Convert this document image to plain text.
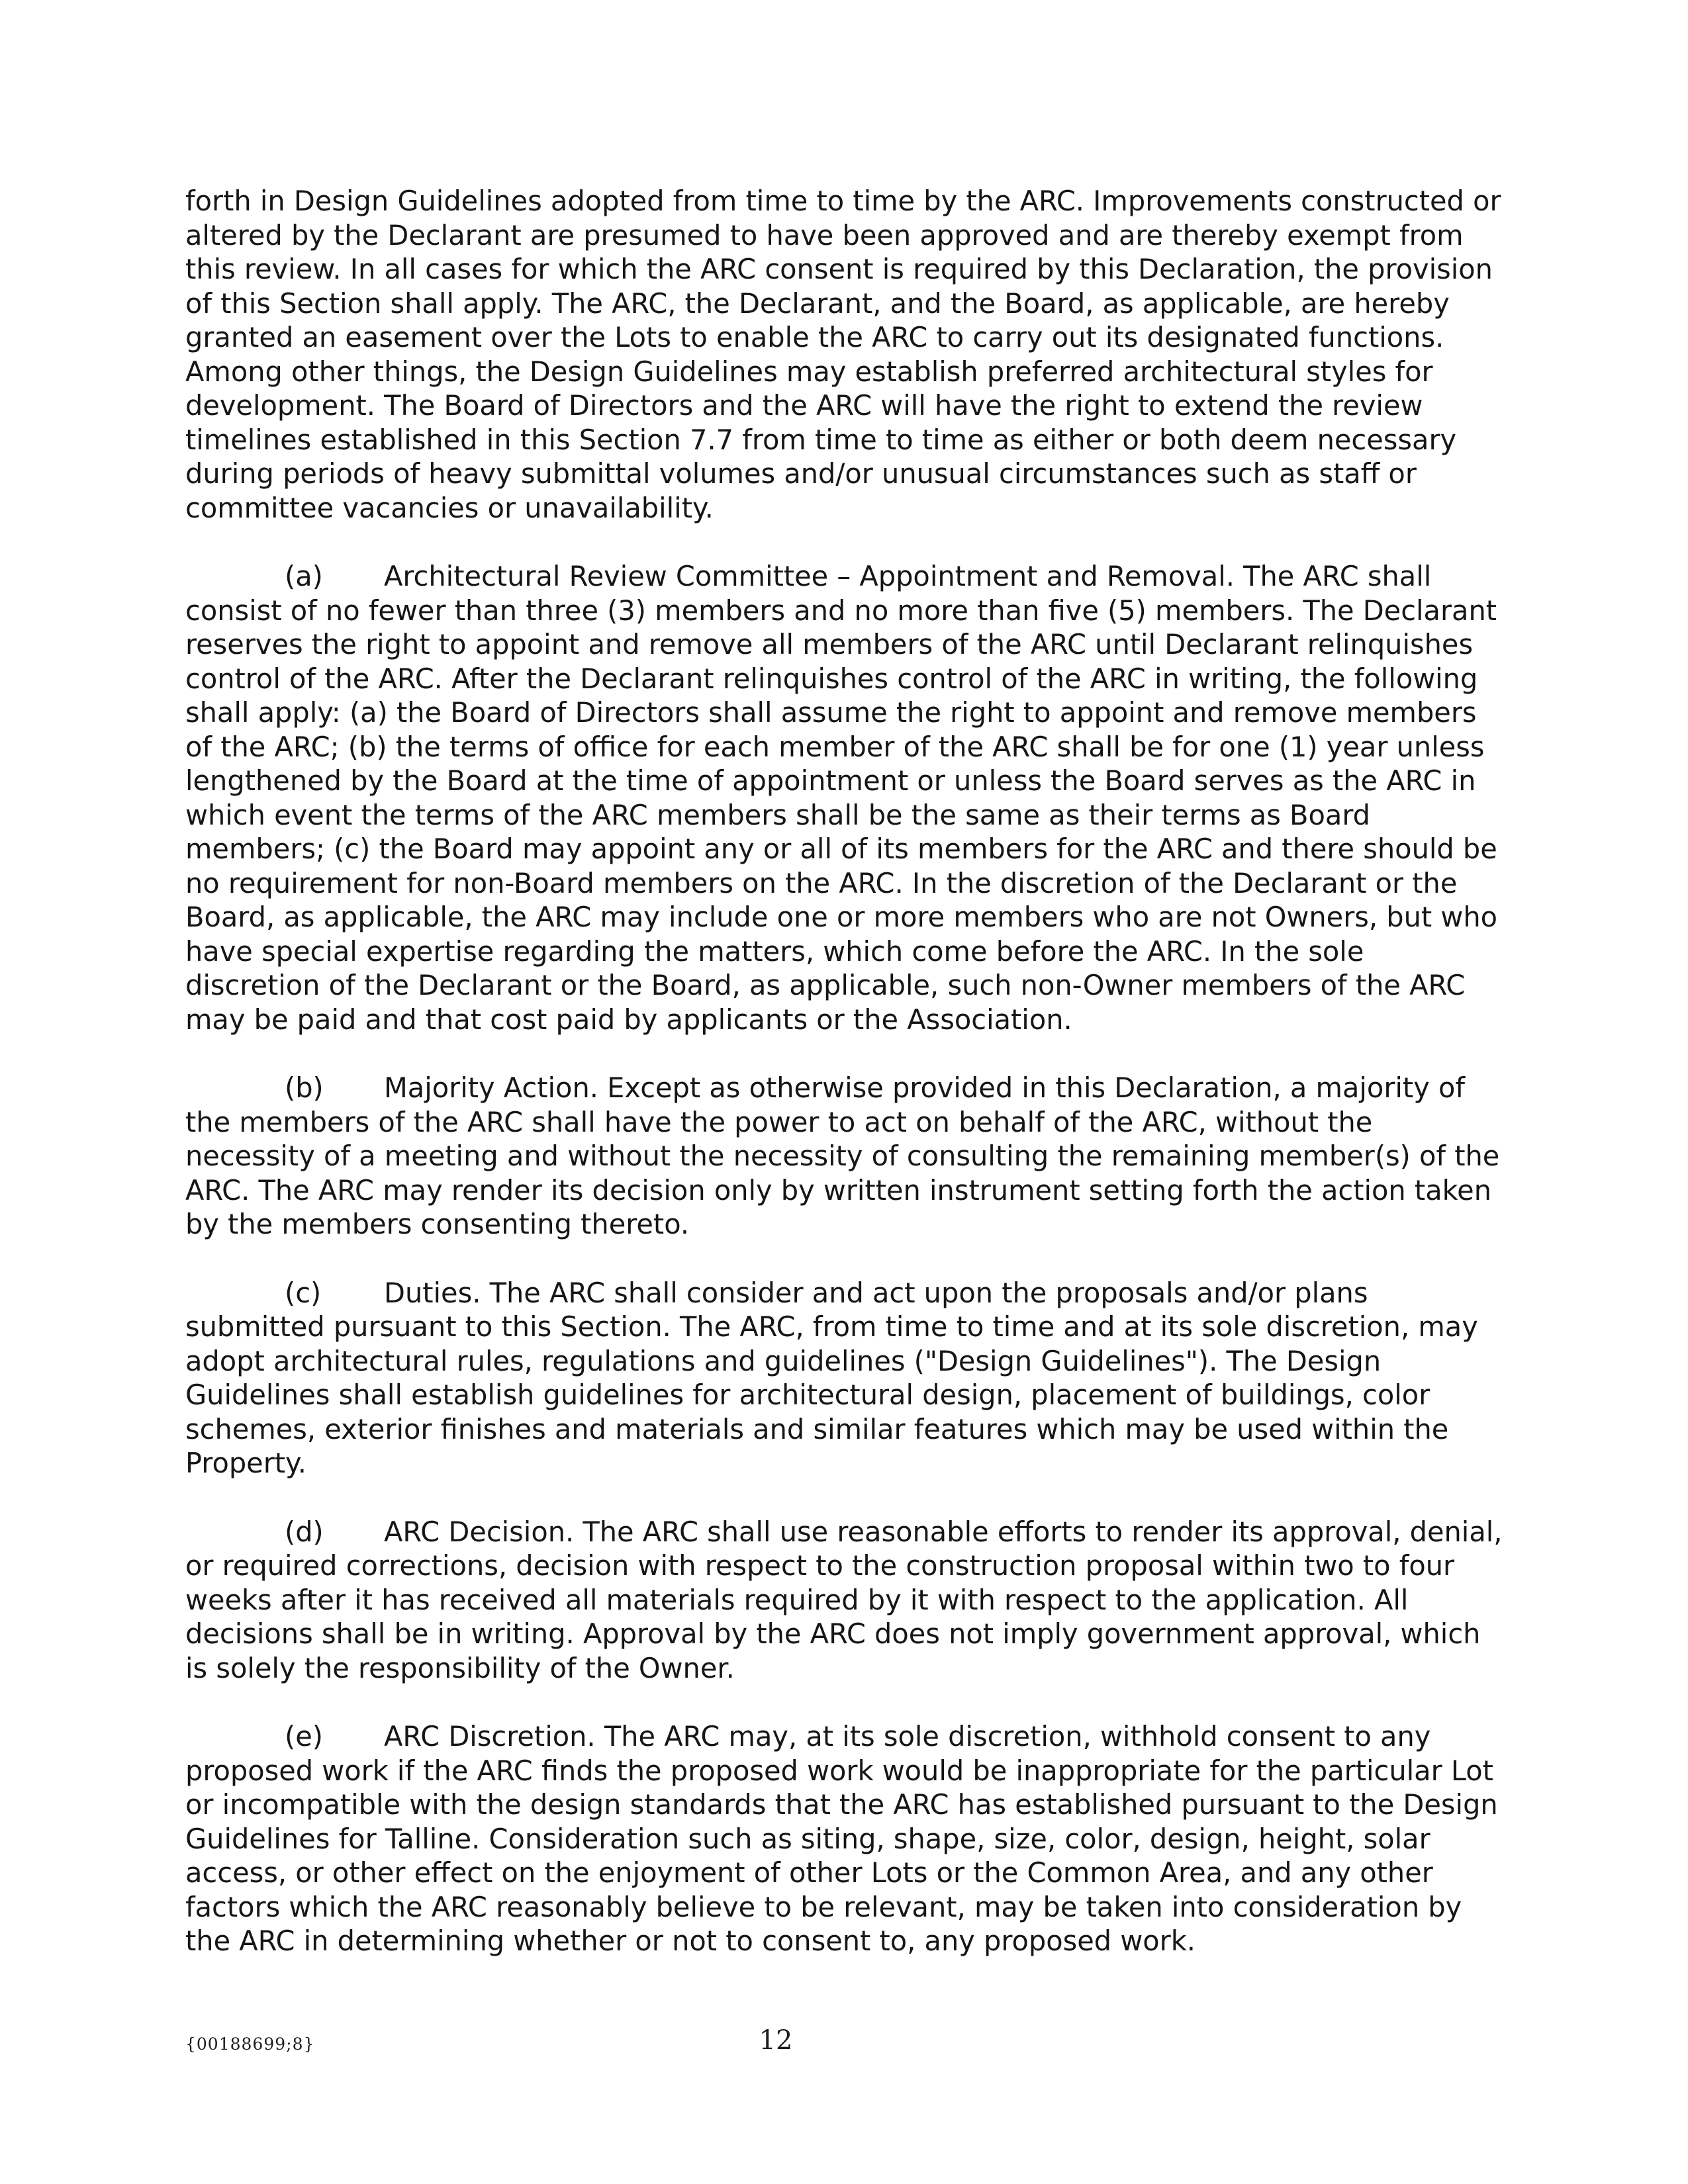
forth in Design Guidelines adopted from time to time by the ARC. Improvements constructed or altered by the Declarant are presumed to have been approved and are thereby exempt from this review. In all cases for which the ARC consent is required by this Declaration, the provision of this Section shall apply. The ARC, the Declarant, and the Board, as applicable, are hereby granted an easement over the Lots to enable the ARC to carry out its designated functions. Among other things, the Design Guidelines may establish preferred architectural styles for development. The Board of Directors and the ARC will have the right to extend the review timelines established in this Section 7.7 from time to time as either or both deem necessary during periods of heavy submittal volumes and/or unusual circumstances such as staff or committee vacancies or unavailability.

(a) Architectural Review Committee – Appointment and Removal. The ARC shall consist of no fewer than three (3) members and no more than five (5) members. The Declarant reserves the right to appoint and remove all members of the ARC until Declarant relinquishes control of the ARC. After the Declarant relinquishes control of the ARC in writing, the following shall apply: (a) the Board of Directors shall assume the right to appoint and remove members of the ARC; (b) the terms of office for each member of the ARC shall be for one (1) year unless lengthened by the Board at the time of appointment or unless the Board serves as the ARC in which event the terms of the ARC members shall be the same as their terms as Board members; (c) the Board may appoint any or all of its members for the ARC and there should be no requirement for non-Board members on the ARC. In the discretion of the Declarant or the Board, as applicable, the ARC may include one or more members who are not Owners, but who have special expertise regarding the matters, which come before the ARC. In the sole discretion of the Declarant or the Board, as applicable, such non-Owner members of the ARC may be paid and that cost paid by applicants or the Association.

(b) Majority Action. Except as otherwise provided in this Declaration, a majority of the members of the ARC shall have the power to act on behalf of the ARC, without the necessity of a meeting and without the necessity of consulting the remaining member(s) of the ARC. The ARC may render its decision only by written instrument setting forth the action taken by the members consenting thereto.

(c) Duties. The ARC shall consider and act upon the proposals and/or plans submitted pursuant to this Section. The ARC, from time to time and at its sole discretion, may adopt architectural rules, regulations and guidelines ("Design Guidelines"). The Design Guidelines shall establish guidelines for architectural design, placement of buildings, color schemes, exterior finishes and materials and similar features which may be used within the Property.

(d) ARC Decision. The ARC shall use reasonable efforts to render its approval, denial, or required corrections, decision with respect to the construction proposal within two to four weeks after it has received all materials required by it with respect to the application. All decisions shall be in writing. Approval by the ARC does not imply government approval, which is solely the responsibility of the Owner.

(e) ARC Discretion. The ARC may, at its sole discretion, withhold consent to any proposed work if the ARC finds the proposed work would be inappropriate for the particular Lot or incompatible with the design standards that the ARC has established pursuant to the Design Guidelines for Talline. Consideration such as siting, shape, size, color, design, height, solar access, or other effect on the enjoyment of other Lots or the Common Area, and any other factors which the ARC reasonably believe to be relevant, may be taken into consideration by the ARC in determining whether or not to consent to, any proposed work.

{00188699;8}	12
